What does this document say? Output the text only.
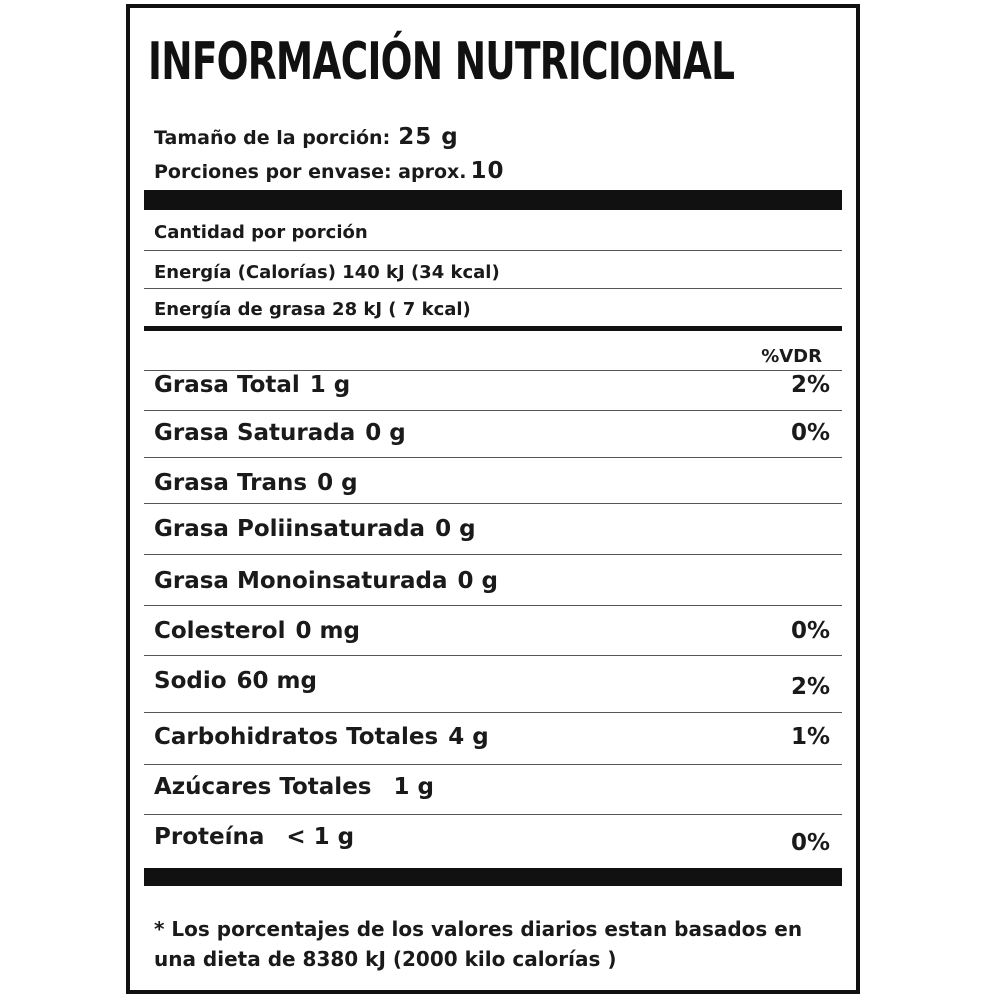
INFORMACIÓN NUTRICIONAL
Tamaño de la porción: 25 g
Porciones por envase: aprox. 10
Cantidad por porción
Energía (Calorías) 140 kJ (34 kcal)
Energía de grasa 28 kJ ( 7 kcal)
%VDR
Grasa Total 1 g	2%
Grasa Saturada 0 g	0%
Grasa Trans 0 g
Grasa Poliinsaturada 0 g
Grasa Monoinsaturada 0 g
Colesterol 0 mg	0%
Sodio 60 mg	2%
Carbohidratos Totales 4 g	1%
Azúcares Totales 1 g
Proteína < 1 g	0%
* Los porcentajes de los valores diarios estan basados en
una dieta de 8380 kJ (2000 kilo calorías )
